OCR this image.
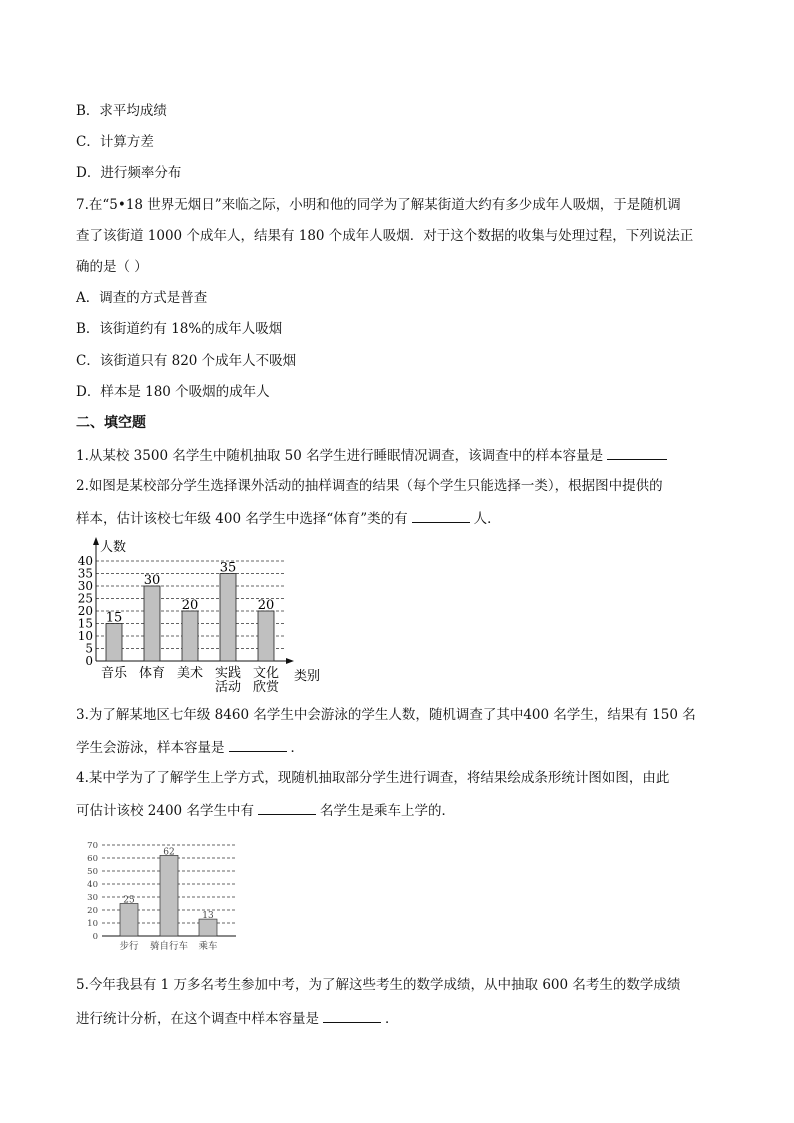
B．求平均成绩
C．计算方差
D．进行频率分布
7.在“5•18 世界无烟日”来临之际，小明和他的同学为了解某街道大约有多少成年人吸烟，于是随机调
查了该街道 1000 个成年人，结果有 180 个成年人吸烟．对于这个数据的收集与处理过程，下列说法正
确的是（ ）
A．调查的方式是普查
B．该街道约有 18%的成年人吸烟
C．该街道只有 820 个成年人不吸烟
D．样本是 180 个吸烟的成年人
二、填空题
1.从某校 3500 名学生中随机抽取 50 名学生进行睡眠情况调查，该调查中的样本容量是
2.如图是某校部分学生选择课外活动的抽样调查的结果（每个学生只能选择一类），根据图中提供的
样本，估计该校七年级 400 名学生中选择“体育”类的有	人．
0
5
10
15
20
25
30
35
40
人数
类别
15
音乐
30
体育
20
美术
35
实践
活动
20
文化
欣赏
3.为了解某地区七年级 8460 名学生中会游泳的学生人数，随机调查了其中400 名学生，结果有 150 名
学生会游泳，样本容量是	．
4.某中学为了了解学生上学方式，现随机抽取部分学生进行调查，将结果绘成条形统计图如图，由此
可估计该校 2400 名学生中有	名学生是乘车上学的．
0
10
20
30
40
50
60
70
25
步行
62
骑自行车
13
乘车
5.今年我县有 1 万多名考生参加中考，为了解这些考生的数学成绩，从中抽取 600 名考生的数学成绩
进行统计分析，在这个调查中样本容量是	．
